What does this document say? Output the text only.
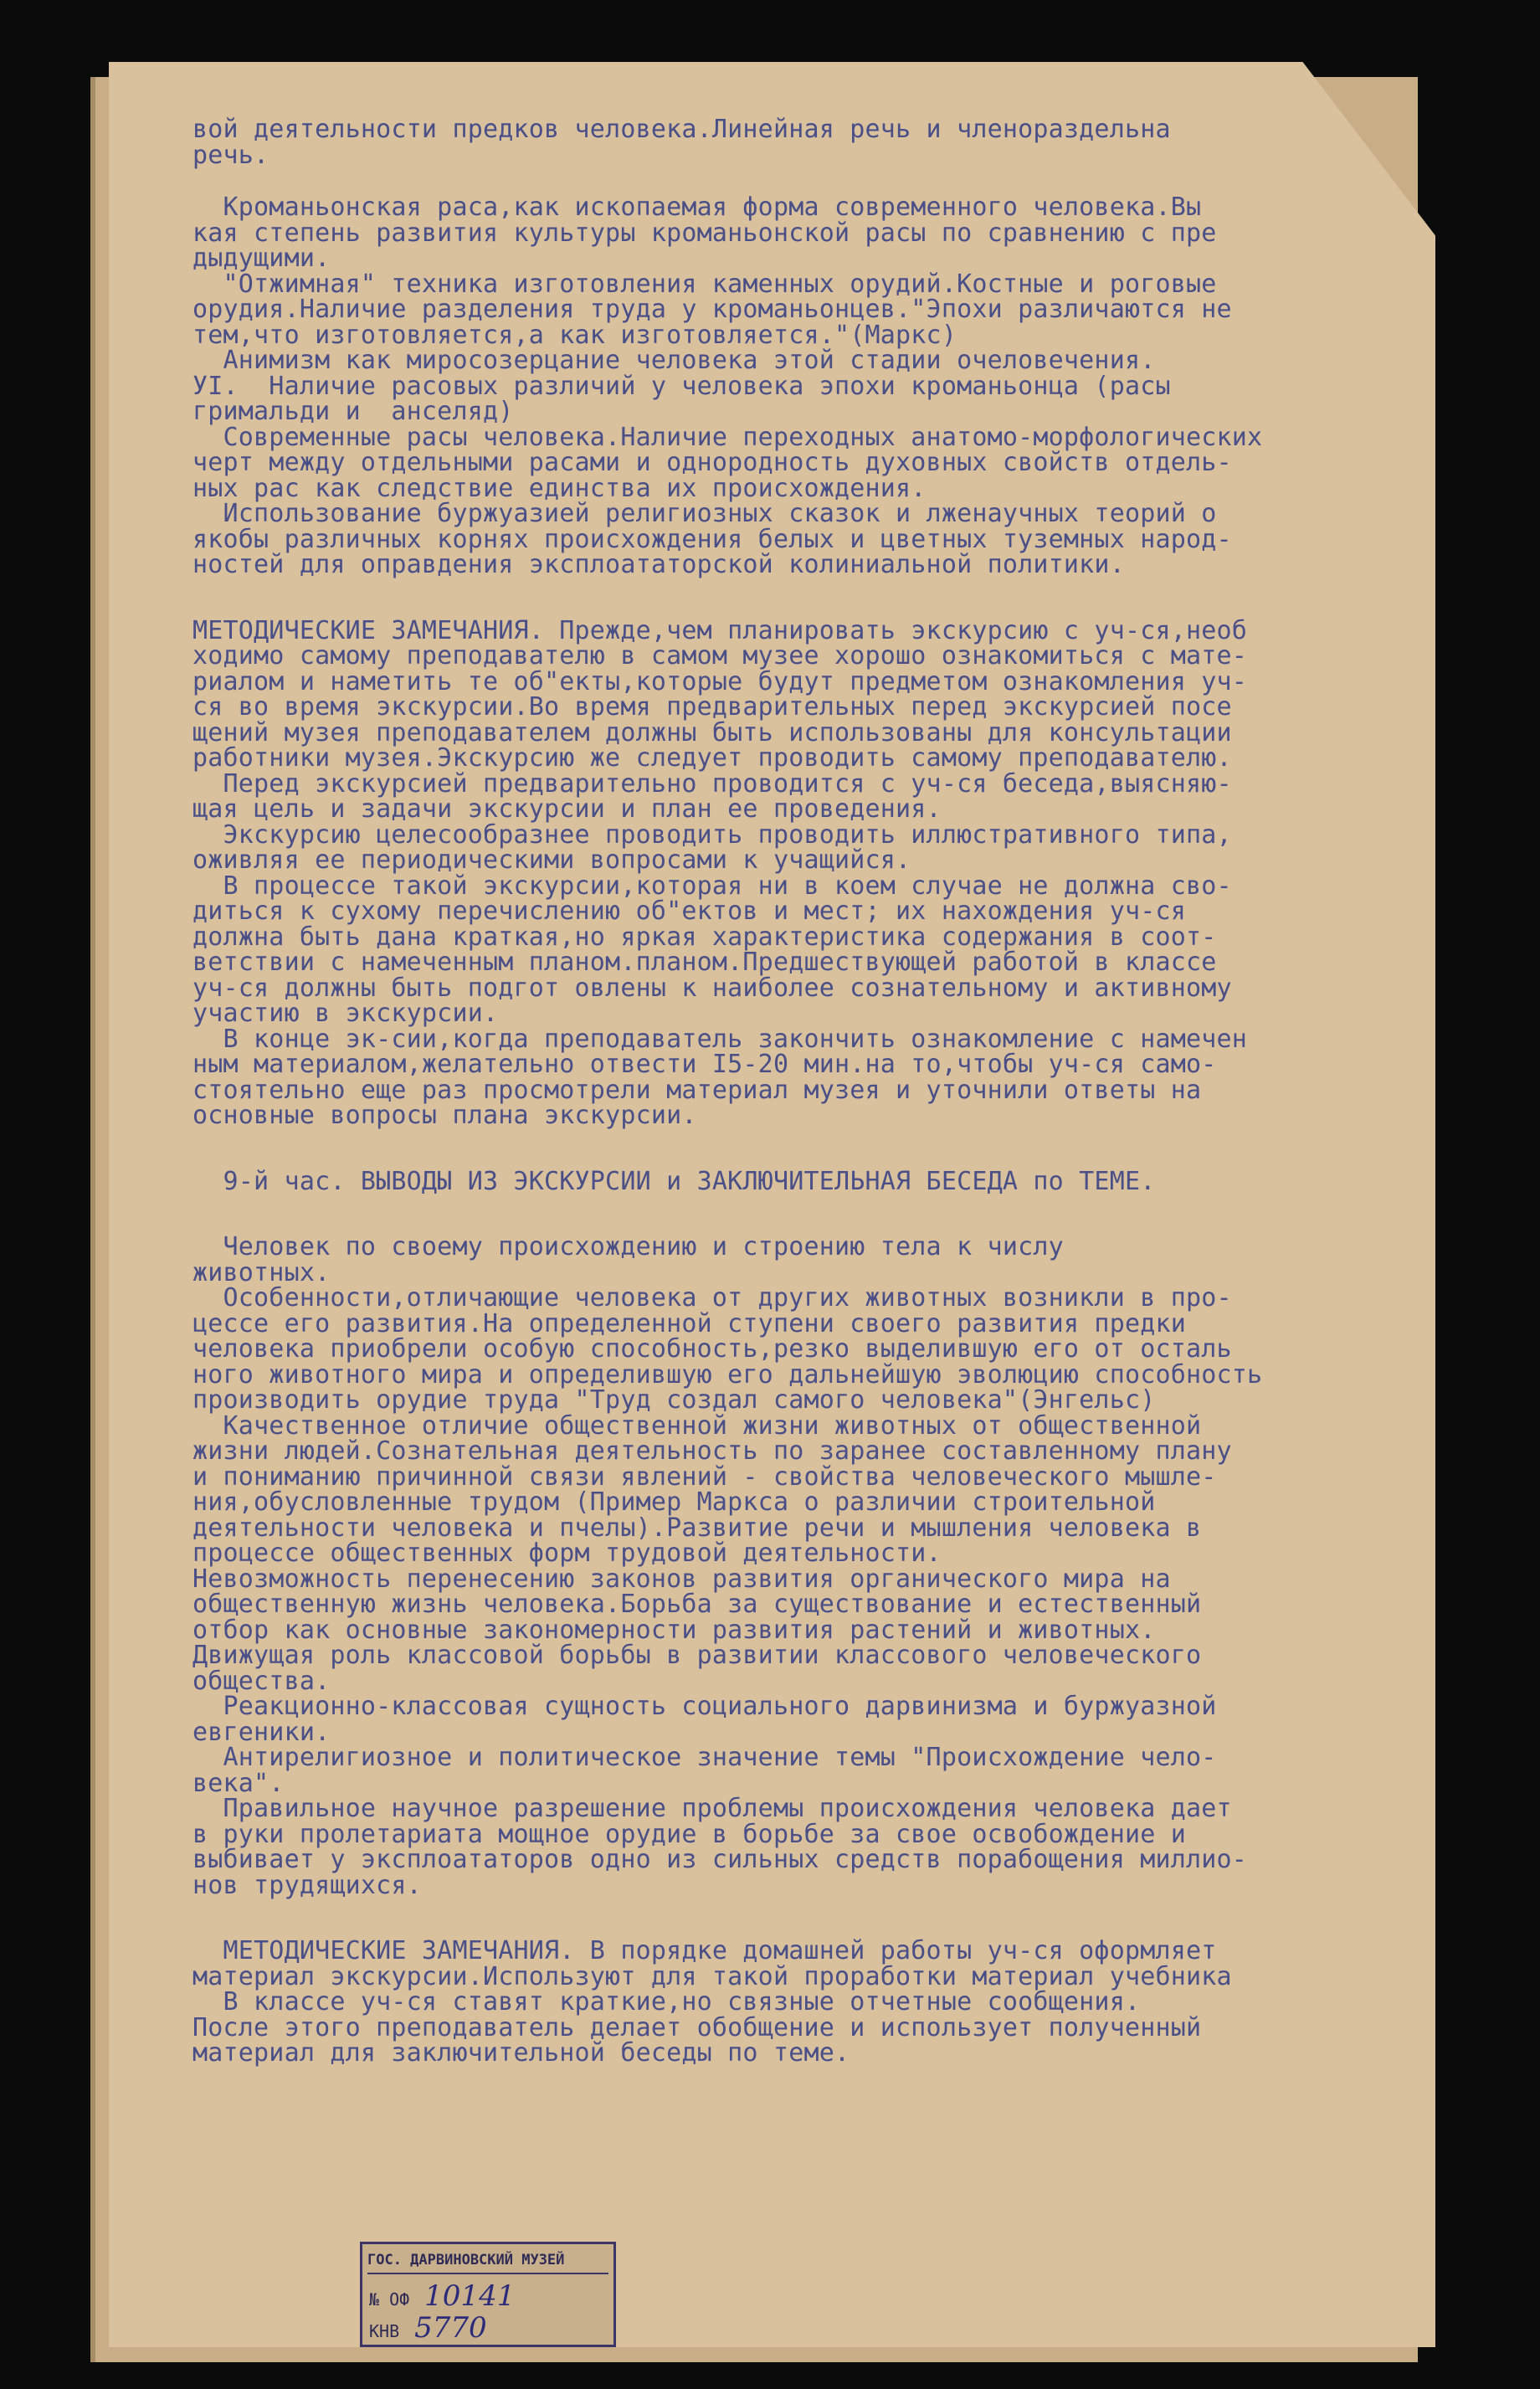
вой деятельности предков человека.Линейная речь и членораздельна
речь.
Кроманьонская раса,как ископаемая форма современного человека.Вы
кая степень развития культуры кроманьонской расы по сравнению с пре
дыдущими.
"Отжимная" техника изготовления каменных орудий.Костные и роговые
орудия.Наличие разделения труда у кроманьонцев."Эпохи различаются не
тем,что изготовляется,а как изготовляется."(Маркс)
Анимизм как миросозерцание человека этой стадии очеловечения.
УI.  Наличие расовых различий у человека эпохи кроманьонца (расы
гримальди и  анселяд)
Современные расы человека.Наличие переходных анатомо-морфологических
черт между отдельными расами и однородность духовных свойств отдель-
ных рас как следствие единства их происхождения.
Использование буржуазией религиозных сказок и лженаучных теорий о
якобы различных корнях происхождения белых и цветных туземных народ-
ностей для оправдения эксплоататорской колиниальной политики.
МЕТОДИЧЕСКИЕ ЗАМЕЧАНИЯ. Прежде,чем планировать экскурсию с уч-ся,необ
ходимо самому преподавателю в самом музее хорошо ознакомиться с мате-
риалом и наметить те об"екты,которые будут предметом ознакомления уч-
ся во время экскурсии.Во время предварительных перед экскурсией посе
щений музея преподавателем должны быть использованы для консультации
работники музея.Экскурсию же следует проводить самому преподавателю.
Перед экскурсией предварительно проводится с уч-ся беседа,выясняю-
щая цель и задачи экскурсии и план ее проведения.
Экскурсию целесообразнее проводить проводить иллюстративного типа,
оживляя ее периодическими вопросами к учащийся.
В процессе такой экскурсии,которая ни в коем случае не должна сво-
диться к сухому перечислению об"ектов и мест; их нахождения уч-ся
должна быть дана краткая,но яркая характеристика содержания в соот-
ветствии с намеченным планом.планом.Предшествующей работой в классе
уч-ся должны быть подгот овлены к наиболее сознательному и активному
участию в экскурсии.
В конце эк-сии,когда преподаватель закончить ознакомление с намечен
ным материалом,желательно отвести I5-20 мин.на то,чтобы уч-ся само-
стоятельно еще раз просмотрели материал музея и уточнили ответы на
основные вопросы плана экскурсии.
9-й час. ВЫВОДЫ ИЗ ЭКСКУРСИИ и ЗАКЛЮЧИТЕЛЬНАЯ БЕСЕДА по ТЕМЕ.
Человек по своему происхождению и строению тела к числу
животных.
Особенности,отличающие человека от других животных возникли в про-
цессе его развития.На определенной ступени своего развития предки
человека приобрели особую способность,резко выделившую его от осталь
ного животного мира и определившую его дальнейшую эволюцию способность
производить орудие труда "Труд создал самого человека"(Энгельс)
Качественное отличие общественной жизни животных от общественной
жизни людей.Сознательная деятельность по заранее составленному плану
и пониманию причинной связи явлений - свойства человеческого мышле-
ния,обусловленные трудом (Пример Маркса о различии строительной
деятельности человека и пчелы).Развитие речи и мышления человека в
процессе общественных форм трудовой деятельности.
Невозможность перенесению законов развития органического мира на
общественную жизнь человека.Борьба за существование и естественный
отбор как основные закономерности развития растений и животных.
Движущая роль классовой борьбы в развитии классового человеческого
общества.
Реакционно-классовая сущность социального дарвинизма и буржуазной
евгеники.
Антирелигиозное и политическое значение темы "Происхождение чело-
века".
Правильное научное разрешение проблемы происхождения человека дает
в руки пролетариата мощное орудие в борьбе за свое освобождение и
выбивает у эксплоататоров одно из сильных средств порабощения миллио-
нов трудящихся.
МЕТОДИЧЕСКИЕ ЗАМЕЧАНИЯ. В порядке домашней работы уч-ся оформляет
материал экскурсии.Используют для такой проработки материал учебника
В классе уч-ся ставят краткие,но связные отчетные сообщения.
После этого преподаватель делает обобщение и использует полученный
материал для заключительной беседы по теме.
ГОС. ДАРВИНОВСКИЙ МУЗЕЙ
№ ОФ 10141
КНВ 5770
